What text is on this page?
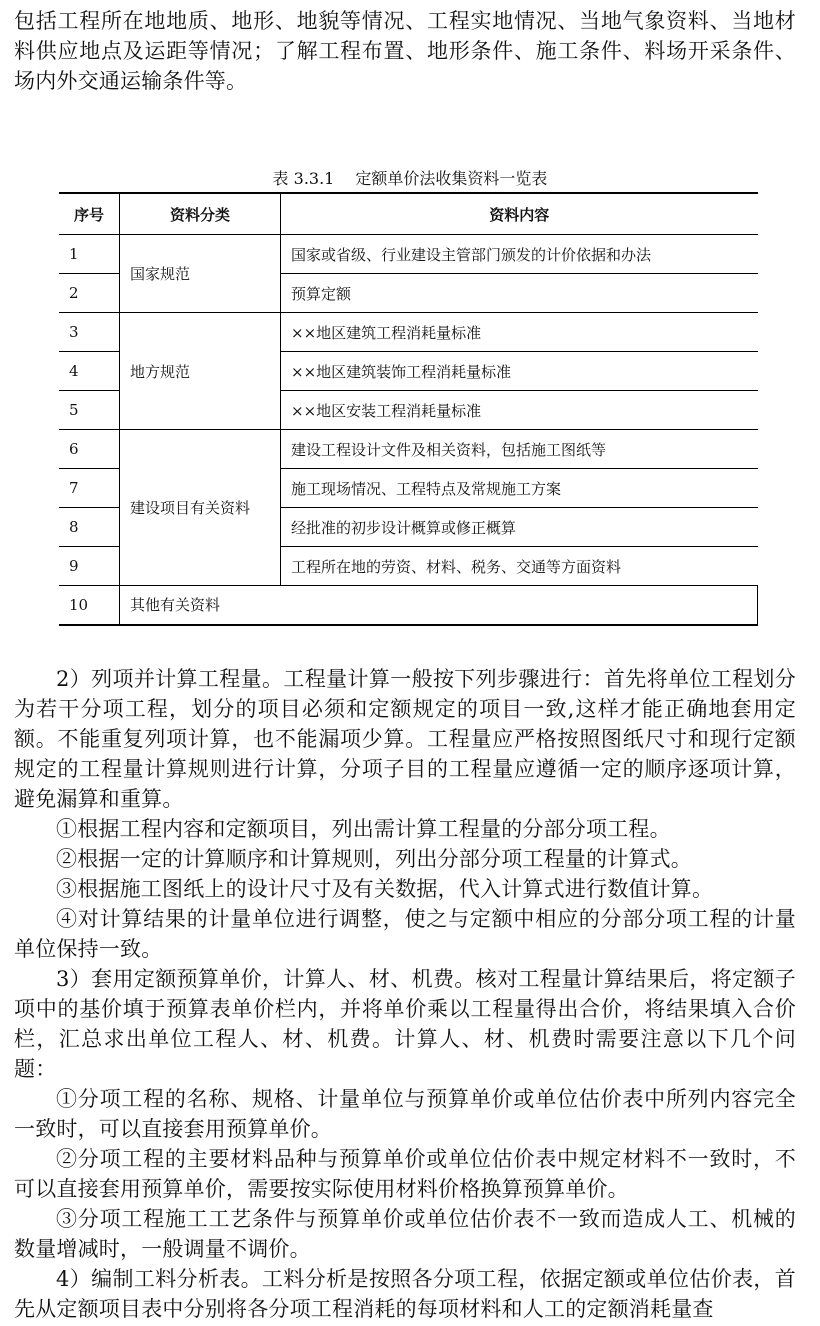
包括工程所在地地质、地形、地貌等情况、工程实地情况、当地气象资料、当地材料供应地点及运距等情况；了解工程布置、地形条件、施工条件、料场开采条件、场内外交通运输条件等。

表 3.3.1　 定额单价法收集资料一览表

序号	资料分类	资料内容
1	国家规范	国家或省级、行业建设主管部门颁发的计价依据和办法
2		预算定额
3	地方规范	××地区建筑工程消耗量标准
4		××地区建筑装饰工程消耗量标准
5		××地区安装工程消耗量标准
6	建设项目有关资料	建设工程设计文件及相关资料，包括施工图纸等
7		施工现场情况、工程特点及常规施工方案
8		经批准的初步设计概算或修正概算
9		工程所在地的劳资、材料、税务、交通等方面资料
10	其他有关资料	

2）列项并计算工程量。工程量计算一般按下列步骤进行：首先将单位工程划分为若干分项工程，划分的项目必须和定额规定的项目一致,这样才能正确地套用定额。不能重复列项计算，也不能漏项少算。工程量应严格按照图纸尺寸和现行定额规定的工程量计算规则进行计算，分项子目的工程量应遵循一定的顺序逐项计算，避免漏算和重算。

①根据工程内容和定额项目，列出需计算工程量的分部分项工程。

②根据一定的计算顺序和计算规则，列出分部分项工程量的计算式。

③根据施工图纸上的设计尺寸及有关数据，代入计算式进行数值计算。

④对计算结果的计量单位进行调整，使之与定额中相应的分部分项工程的计量单位保持一致。

3）套用定额预算单价，计算人、材、机费。核对工程量计算结果后，将定额子项中的基价填于预算表单价栏内，并将单价乘以工程量得出合价，将结果填入合价栏，汇总求出单位工程人、材、机费。计算人、材、机费时需要注意以下几个问题：

①分项工程的名称、规格、计量单位与预算单价或单位估价表中所列内容完全一致时，可以直接套用预算单价。

②分项工程的主要材料品种与预算单价或单位估价表中规定材料不一致时，不可以直接套用预算单价，需要按实际使用材料价格换算预算单价。

③分项工程施工工艺条件与预算单价或单位估价表不一致而造成人工、机械的数量增减时，一般调量不调价。

4）编制工料分析表。工料分析是按照各分项工程，依据定额或单位估价表，首先从定额项目表中分别将各分项工程消耗的每项材料和人工的定额消耗量查
